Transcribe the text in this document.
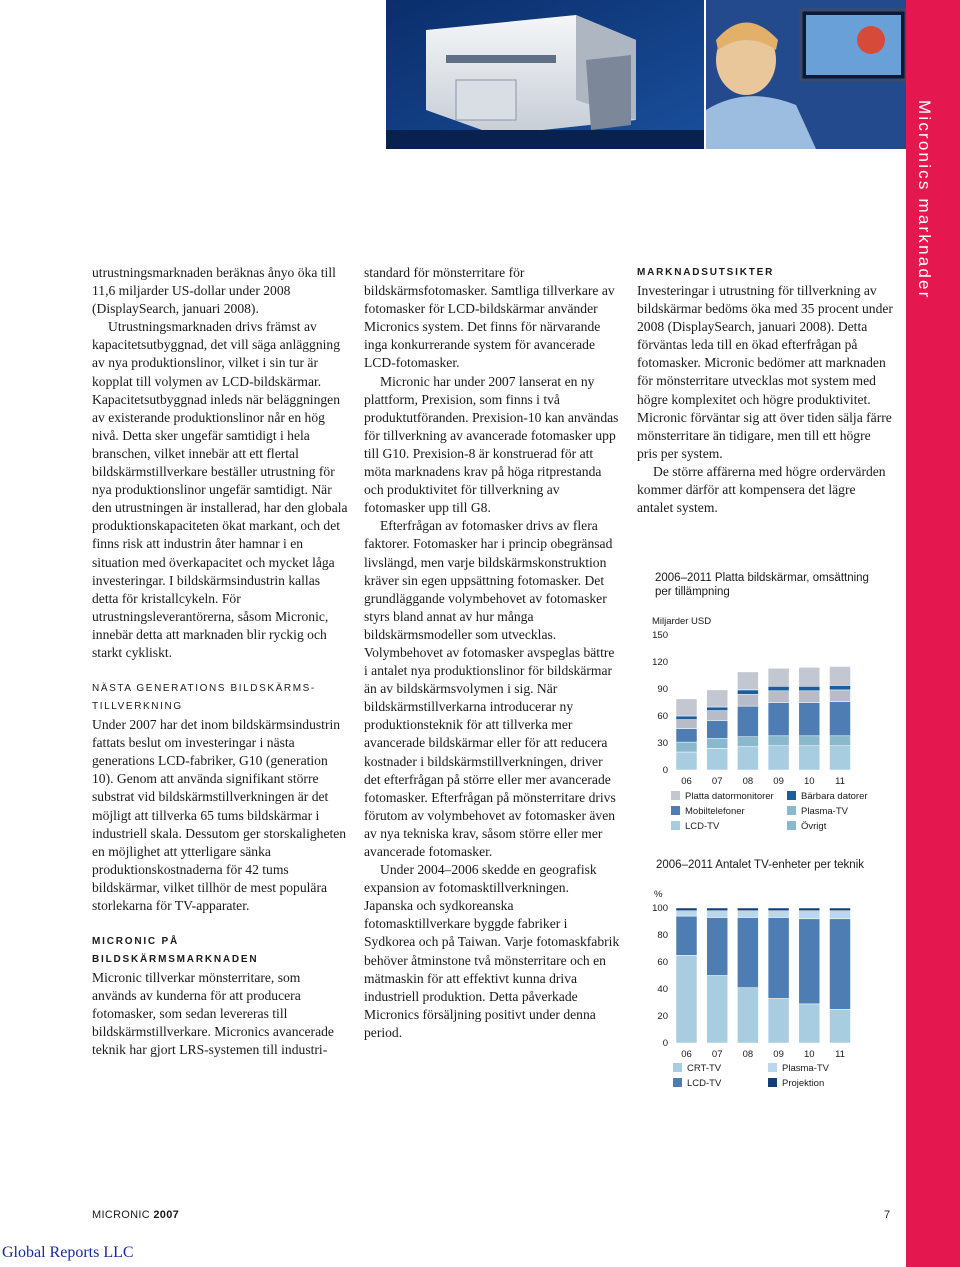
Micronics marknader

utrustningsmarknaden beräknas ånyo öka till 11,6 miljarder US-dollar under 2008 (DisplaySearch, januari 2008).

Utrustningsmarknaden drivs främst av kapacitetsutbyggnad, det vill säga anläggning av nya produktionslinor, vilket i sin tur är kopplat till volymen av LCD-bildskärmar. Kapacitetsutbyggnad inleds när beläggningen av existerande produktionslinor når en hög nivå. Detta sker ungefär samtidigt i hela branschen, vilket innebär att ett flertal bildskärmstillverkare beställer utrustning för nya produktionslinor ungefär samtidigt. När den utrustningen är installerad, har den globala produktionskapaciteten ökat markant, och det finns risk att industrin åter hamnar i en situation med överkapacitet och mycket låga investeringar. I bildskärmsindustrin kallas detta för kristallcykeln. För utrustningsleverantörerna, såsom Micronic, innebär detta att marknaden blir ryckig och starkt cykliskt.

NÄSTA GENERATIONS BILDSKÄRMS-TILLVERKNING

Under 2007 har det inom bildskärmsindustrin fattats beslut om investeringar i nästa generations LCD-fabriker, G10 (generation 10). Genom att använda signifikant större substrat vid bildskärmstillverkningen är det möjligt att tillverka 65 tums bildskärmar i industriell skala. Dessutom ger storskaligheten en möjlighet att ytterligare sänka produktionskostnaderna för 42 tums bildskärmar, vilket tillhör de mest populära storlekarna för TV-apparater.

MICRONIC PÅ BILDSKÄRMSMARKNADEN

Micronic tillverkar mönsterritare, som används av kunderna för att producera fotomasker, som sedan levereras till bildskärmstillverkare. Micronics avancerade teknik har gjort LRS-systemen till industri-

standard för mönsterritare för bildskärmsfotomasker. Samtliga tillverkare av fotomasker för LCD-bildskärmar använder Micronics system. Det finns för närvarande inga konkurrerande system för avancerade LCD-fotomasker.

Micronic har under 2007 lanserat en ny plattform, Prexision, som finns i två produktutföranden. Prexision-10 kan användas för tillverkning av avancerade fotomasker upp till G10. Prexision-8 är konstruerad för att möta marknadens krav på höga ritprestanda och produktivitet för tillverkning av fotomasker upp till G8.

Efterfrågan av fotomasker drivs av flera faktorer. Fotomasker har i princip obegränsad livslängd, men varje bildskärmskonstruktion kräver sin egen uppsättning fotomasker. Det grundläggande volymbehovet av fotomasker styrs bland annat av hur många bildskärmsmodeller som utvecklas. Volymbehovet av fotomasker avspeglas bättre i antalet nya produktionslinor för bildskärmar än av bildskärmsvolymen i sig. När bildskärmstillverkarna introducerar ny produktionsteknik för att tillverka mer avancerade bildskärmar eller för att reducera kostnader i bildskärmstillverkningen, driver det efterfrågan på större eller mer avancerade fotomasker. Efterfrågan på mönsterritare drivs förutom av volymbehovet av fotomasker även av nya tekniska krav, såsom större eller mer avancerade fotomasker.

Under 2004–2006 skedde en geografisk expansion av fotomasktillverkningen. Japanska och sydkoreanska fotomasktillverkare byggde fabriker i Sydkorea och på Taiwan. Varje fotomaskfabrik behöver åtminstone två mönsterritare och en mätmaskin för att effektivt kunna driva industriell produktion. Detta påverkade Micronics försäljning positivt under denna period.

MARKNADSUTSIKTER

Investeringar i utrustning för tillverkning av bildskärmar bedöms öka med 35 procent under 2008 (DisplaySearch, januari 2008). Detta förväntas leda till en ökad efterfrågan på fotomasker. Micronic bedömer att marknaden för mönsterritare utvecklas mot system med högre komplexitet och högre produktivitet. Micronic förväntar sig att över tiden sälja färre mönsterritare än tidigare, men till ett högre pris per system.

De större affärerna med högre ordervärden kommer därför att kompensera det lägre antalet system.

2006–2011 Platta bildskärmar, omsättning per tillämpning
Miljarder USD
0
30
60
90
120
150
06 07 08 09 10 11
Platta datormonitorer	Bärbara datorer
Mobiltelefoner	Plasma-TV
LCD-TV	Övrigt
2006–2011 Antalet TV-enheter per teknik
%
0
20
40
60
80
100
06 07 08 09 10 11
CRT-TV	Plasma-TV
LCD-TV	Projektion
MICRONIC 2007	7
Global Reports LLC
